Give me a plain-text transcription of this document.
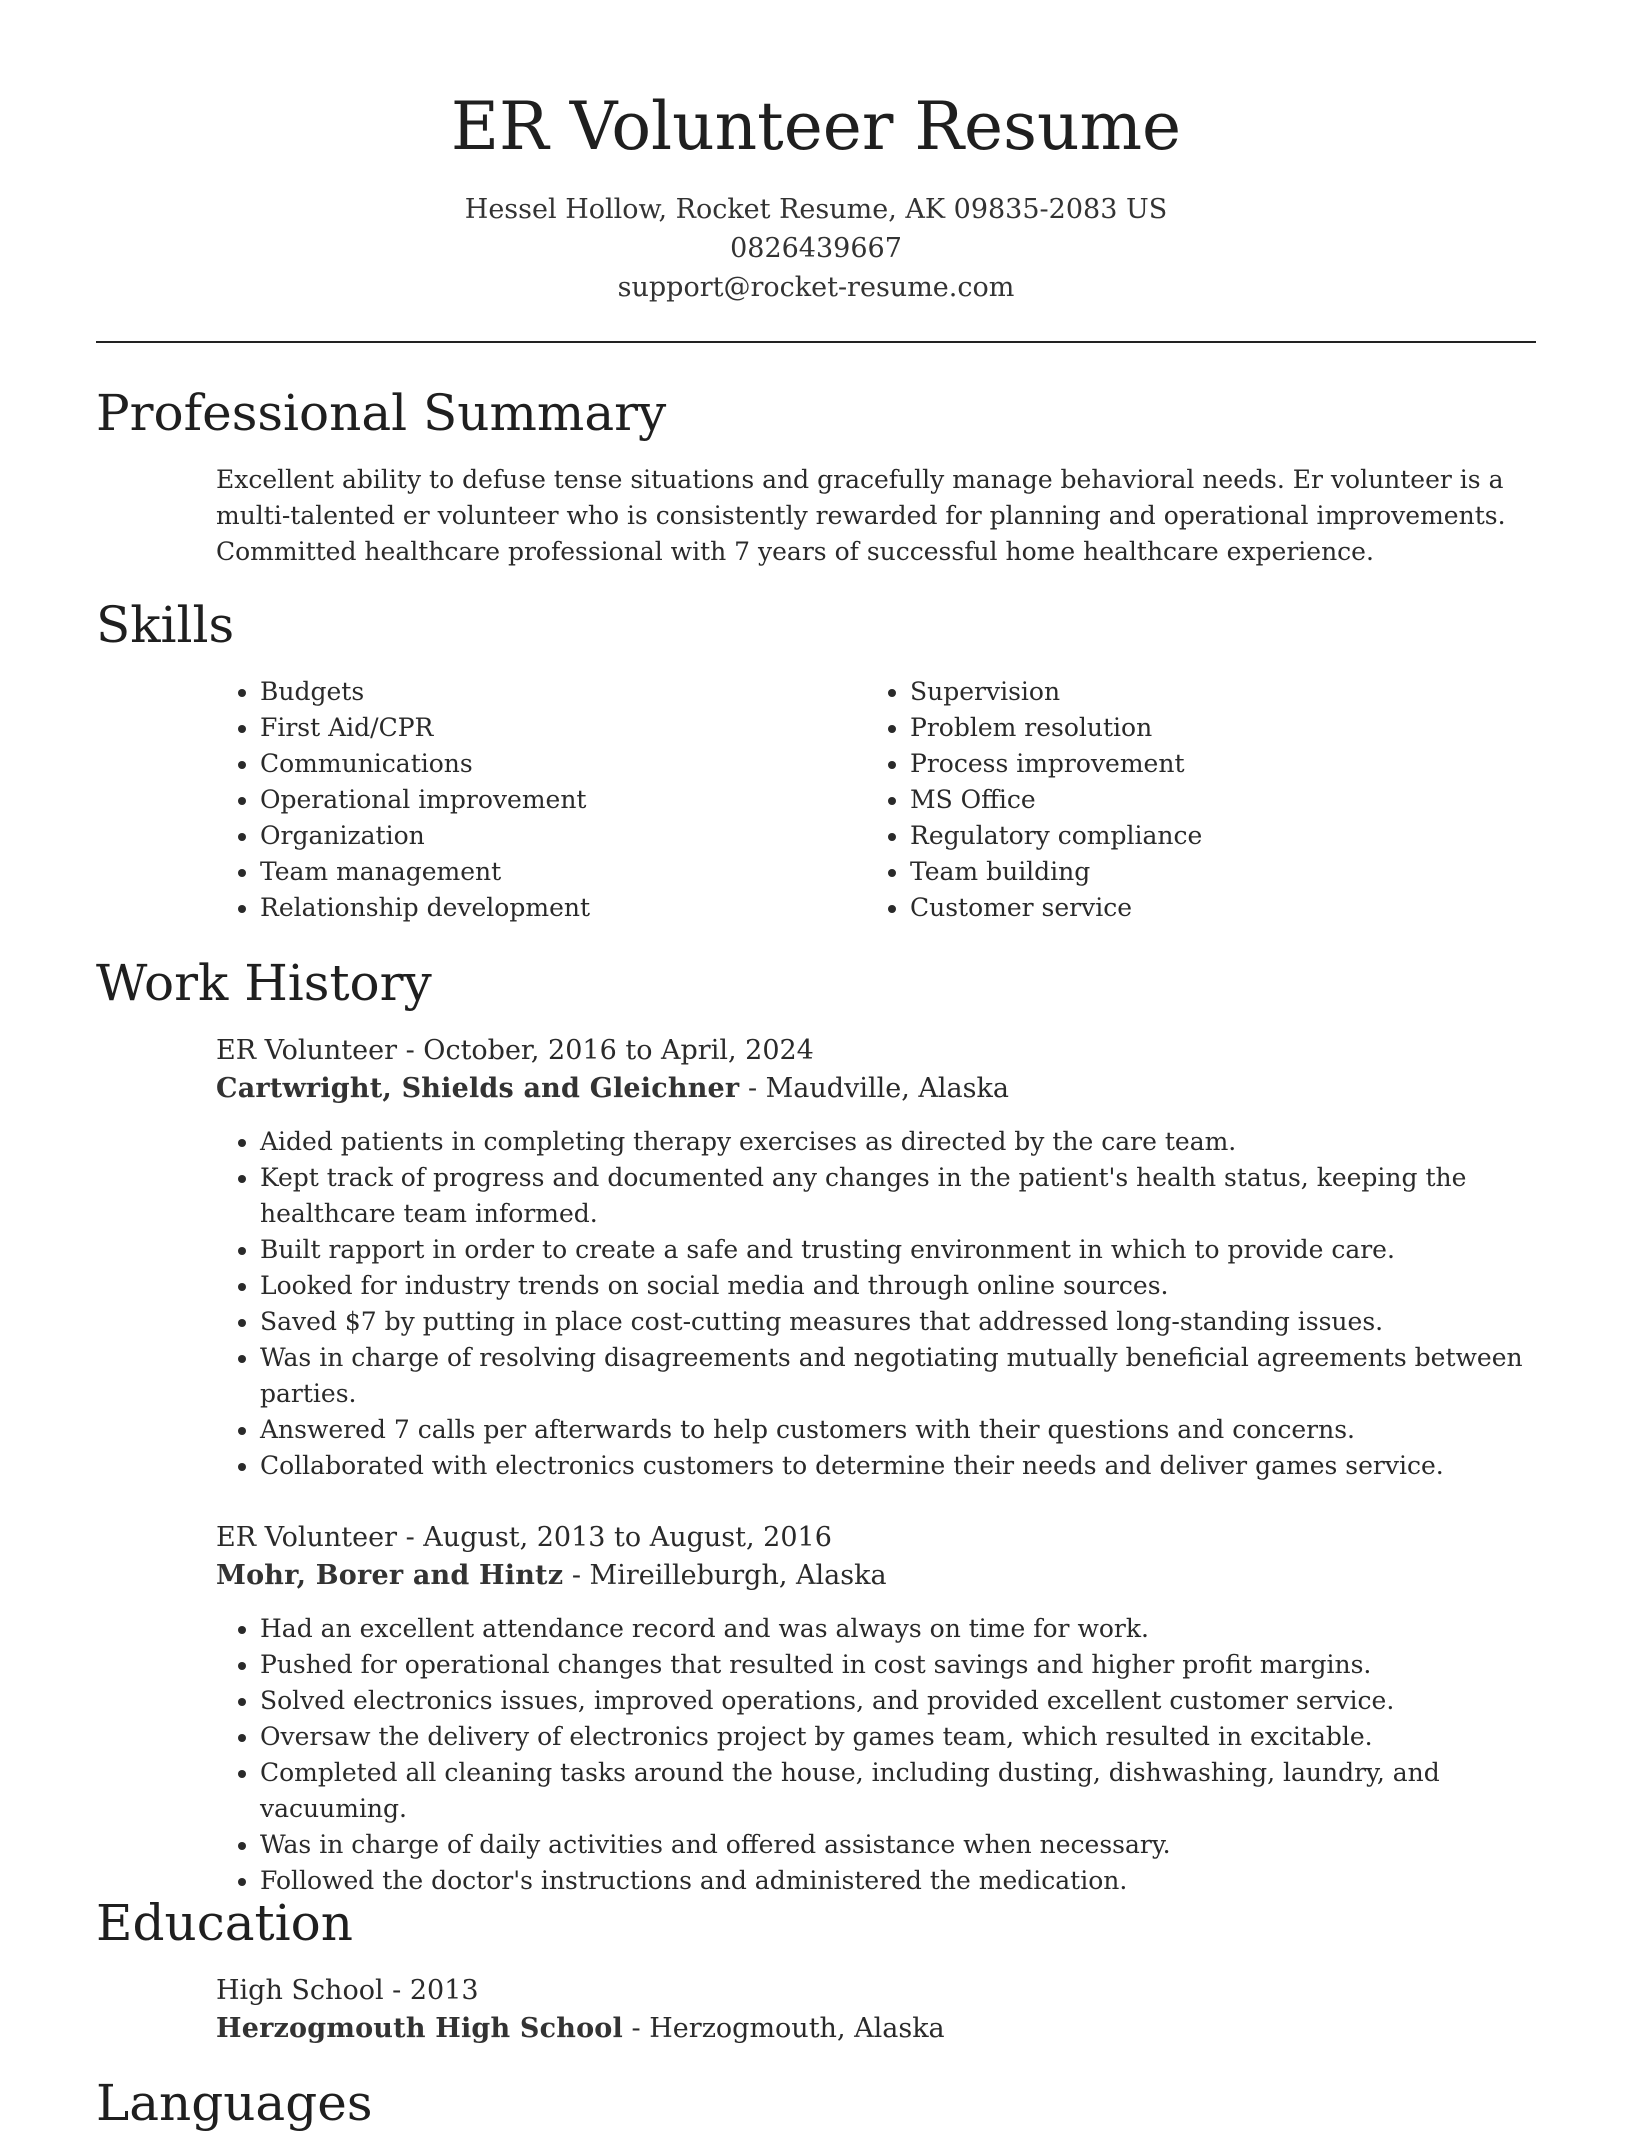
ER Volunteer Resume
Hessel Hollow, Rocket Resume, AK 09835-2083 US
0826439667
support@rocket-resume.com
Professional Summary

Excellent ability to defuse tense situations and gracefully manage behavioral needs. Er volunteer is a multi-talented er volunteer who is consistently rewarded for planning and operational improvements. Committed healthcare professional with 7 years of successful home healthcare experience.

Skills
• Budgets
• First Aid/CPR
• Communications
• Operational improvement
• Organization
• Team management
• Relationship development
• Supervision
• Problem resolution
• Process improvement
• MS Office
• Regulatory compliance
• Team building
• Customer service
Work History
ER Volunteer - October, 2016 to April, 2024
Cartwright, Shields and Gleichner - Maudville, Alaska
• Aided patients in completing therapy exercises as directed by the care team.
• Kept track of progress and documented any changes in the patient's health status, keeping the healthcare team informed.
• Built rapport in order to create a safe and trusting environment in which to provide care.
• Looked for industry trends on social media and through online sources.
• Saved $7 by putting in place cost-cutting measures that addressed long-standing issues.
• Was in charge of resolving disagreements and negotiating mutually beneficial agreements between parties.
• Answered 7 calls per afterwards to help customers with their questions and concerns.
• Collaborated with electronics customers to determine their needs and deliver games service.
ER Volunteer - August, 2013 to August, 2016
Mohr, Borer and Hintz - Mireilleburgh, Alaska
• Had an excellent attendance record and was always on time for work.
• Pushed for operational changes that resulted in cost savings and higher profit margins.
• Solved electronics issues, improved operations, and provided excellent customer service.
• Oversaw the delivery of electronics project by games team, which resulted in excitable.
• Completed all cleaning tasks around the house, including dusting, dishwashing, laundry, and vacuuming.
• Was in charge of daily activities and offered assistance when necessary.
• Followed the doctor's instructions and administered the medication.
Education
High School - 2013
Herzogmouth High School - Herzogmouth, Alaska
Languages
